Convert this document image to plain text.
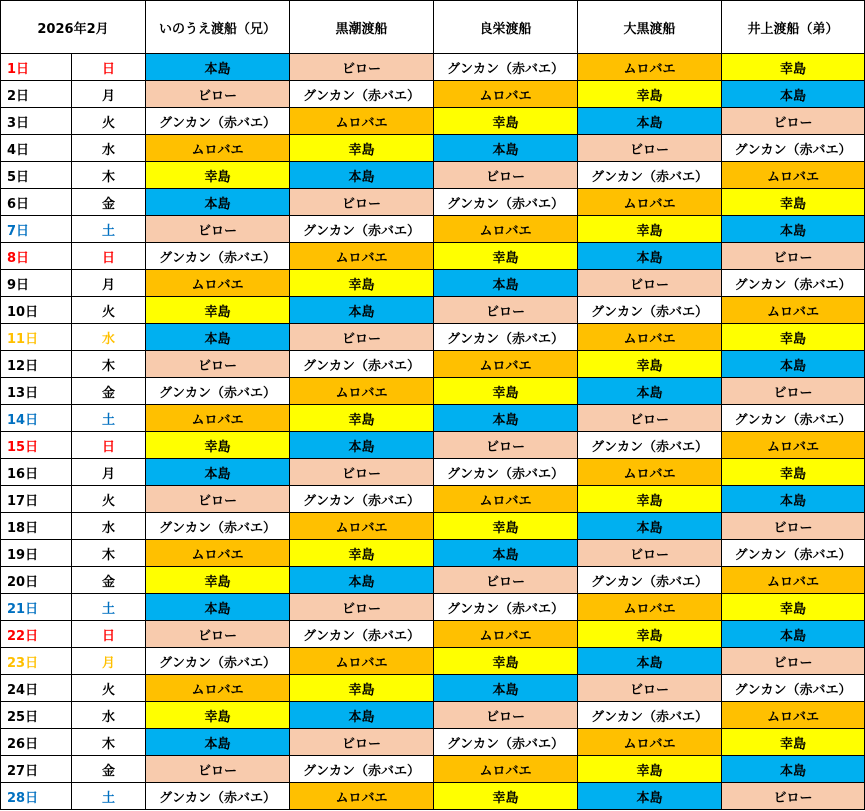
2026年2月		いのうえ渡船（兄）	黒潮渡船	良栄渡船	大黒渡船	井上渡船（弟）
1日	日	本島	ビロー	グンカン（赤バエ）	ムロバエ	幸島
2日	月	ビロー	グンカン（赤バエ）	ムロバエ	幸島	本島
3日	火	グンカン（赤バエ）	ムロバエ	幸島	本島	ビロー
4日	水	ムロバエ	幸島	本島	ビロー	グンカン（赤バエ）
5日	木	幸島	本島	ビロー	グンカン（赤バエ）	ムロバエ
6日	金	本島	ビロー	グンカン（赤バエ）	ムロバエ	幸島
7日	土	ビロー	グンカン（赤バエ）	ムロバエ	幸島	本島
8日	日	グンカン（赤バエ）	ムロバエ	幸島	本島	ビロー
9日	月	ムロバエ	幸島	本島	ビロー	グンカン（赤バエ）
10日	火	幸島	本島	ビロー	グンカン（赤バエ）	ムロバエ
11日	水	本島	ビロー	グンカン（赤バエ）	ムロバエ	幸島
12日	木	ビロー	グンカン（赤バエ）	ムロバエ	幸島	本島
13日	金	グンカン（赤バエ）	ムロバエ	幸島	本島	ビロー
14日	土	ムロバエ	幸島	本島	ビロー	グンカン（赤バエ）
15日	日	幸島	本島	ビロー	グンカン（赤バエ）	ムロバエ
16日	月	本島	ビロー	グンカン（赤バエ）	ムロバエ	幸島
17日	火	ビロー	グンカン（赤バエ）	ムロバエ	幸島	本島
18日	水	グンカン（赤バエ）	ムロバエ	幸島	本島	ビロー
19日	木	ムロバエ	幸島	本島	ビロー	グンカン（赤バエ）
20日	金	幸島	本島	ビロー	グンカン（赤バエ）	ムロバエ
21日	土	本島	ビロー	グンカン（赤バエ）	ムロバエ	幸島
22日	日	ビロー	グンカン（赤バエ）	ムロバエ	幸島	本島
23日	月	グンカン（赤バエ）	ムロバエ	幸島	本島	ビロー
24日	火	ムロバエ	幸島	本島	ビロー	グンカン（赤バエ）
25日	水	幸島	本島	ビロー	グンカン（赤バエ）	ムロバエ
26日	木	本島	ビロー	グンカン（赤バエ）	ムロバエ	幸島
27日	金	ビロー	グンカン（赤バエ）	ムロバエ	幸島	本島
28日	土	グンカン（赤バエ）	ムロバエ	幸島	本島	ビロー
